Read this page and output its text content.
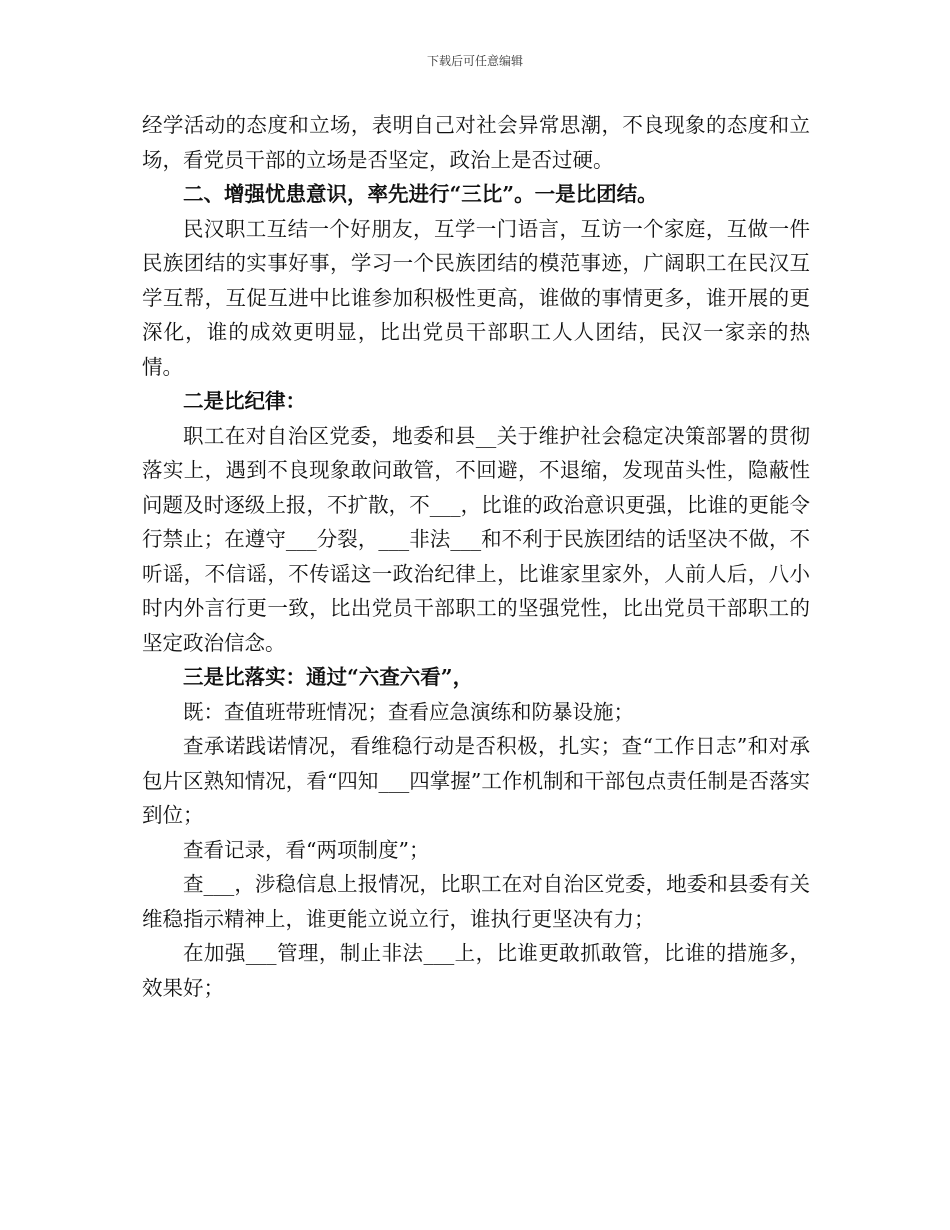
下载后可任意编辑

经学活动的态度和立场，表明自己对社会异常思潮，不良现象的态度和立场，看党员干部的立场是否坚定，政治上是否过硬。

二、增强忧患意识，率先进行“三比”。一是比团结。

民汉职工互结一个好朋友，互学一门语言，互访一个家庭，互做一件民族团结的实事好事，学习一个民族团结的模范事迹，广阔职工在民汉互学互帮，互促互进中比谁参加积极性更高，谁做的事情更多，谁开展的更深化，谁的成效更明显，比出党员干部职工人人团结，民汉一家亲的热情。

二是比纪律：

职工在对自治区党委，地委和县__关于维护社会稳定决策部署的贯彻落实上，遇到不良现象敢问敢管，不回避，不退缩，发现苗头性，隐蔽性问题及时逐级上报，不扩散，不___，比谁的政治意识更强，比谁的更能令行禁止；在遵守___分裂，___非法___和不利于民族团结的话坚决不做，不听谣，不信谣，不传谣这一政治纪律上，比谁家里家外，人前人后，八小时内外言行更一致，比出党员干部职工的坚强党性，比出党员干部职工的坚定政治信念。

三是比落实：通过“六查六看”，

既：查值班带班情况；查看应急演练和防暴设施；

查承诺践诺情况，看维稳行动是否积极，扎实；查“工作日志”和对承包片区熟知情况，看“四知___四掌握”工作机制和干部包点责任制是否落实到位；

查看记录，看“两项制度”；

查___，涉稳信息上报情况，比职工在对自治区党委，地委和县委有关维稳指示精神上，谁更能立说立行，谁执行更坚决有力；

在加强___管理，制止非法___上，比谁更敢抓敢管，比谁的措施多，效果好；
